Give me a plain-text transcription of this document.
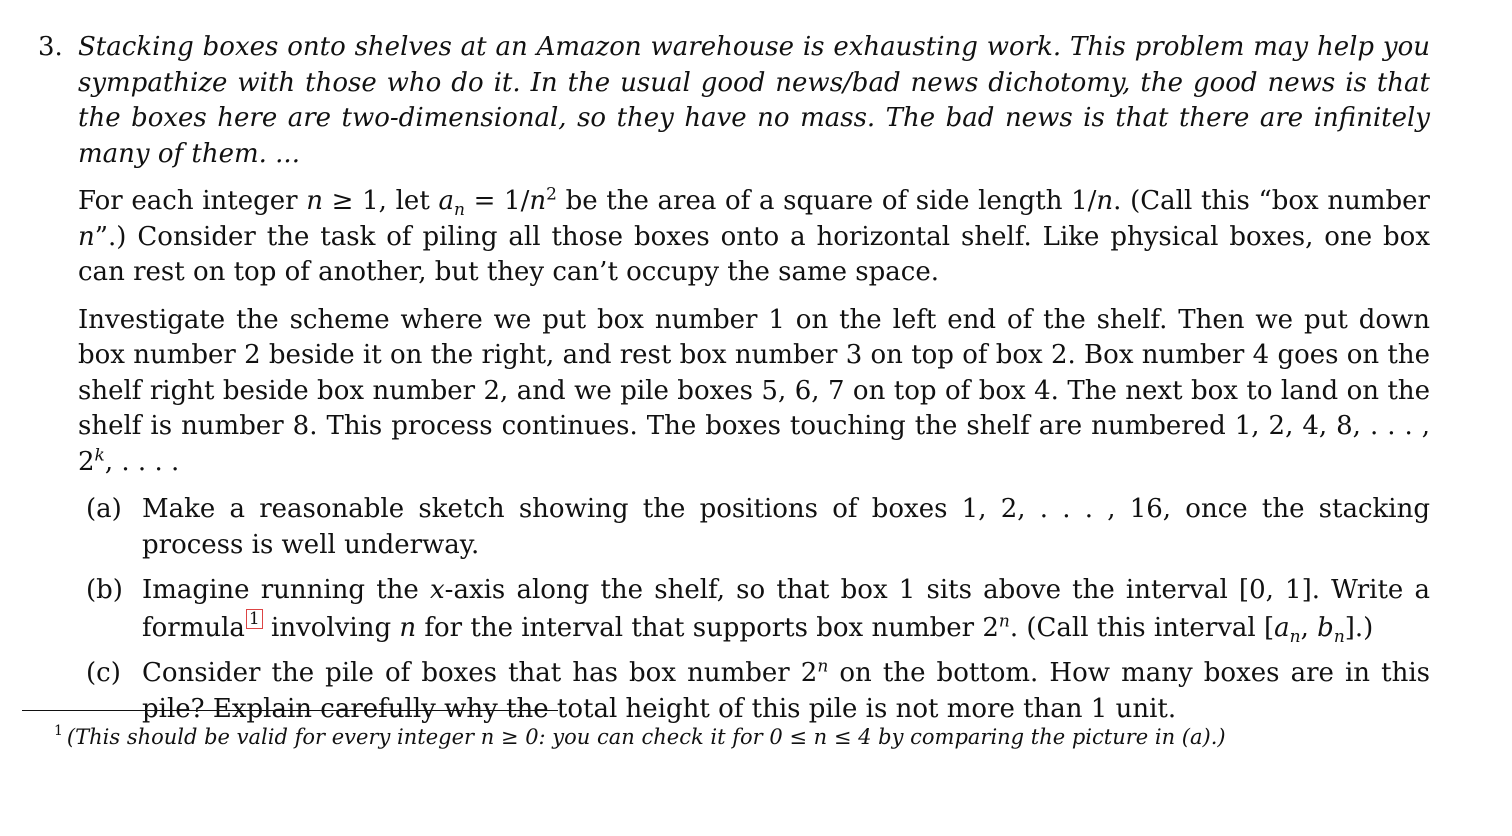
3. Stacking boxes onto shelves at an Amazon warehouse is exhausting work. This problem may help you sympathize with those who do it. In the usual good news/bad news dichotomy, the good news is that the boxes here are two-dimensional, so they have no mass. The bad news is that there are infinitely many of them. ...

For each integer n ≥ 1, let $a_n = 1/n^2$ be the area of a square of side length 1/n. (Call this “box number n”.) Consider the task of piling all those boxes onto a horizontal shelf. Like physical boxes, one box can rest on top of another, but they can’t occupy the same space.

Investigate the scheme where we put box number 1 on the left end of the shelf. Then we put down box number 2 beside it on the right, and rest box number 3 on top of box 2. Box number 4 goes on the shelf right beside box number 2, and we pile boxes 5, 6, 7 on top of box 4. The next box to land on the shelf is number 8. This process continues. The boxes touching the shelf are numbered 1, 2, 4, 8, . . . , 2$^k$, . . . .

(a) Make a reasonable sketch showing the positions of boxes 1, 2, . . . , 16, once the stacking process is well underway.
(b) Imagine running the x-axis along the shelf, so that box 1 sits above the interval [0, 1]. Write a formula 1 involving n for the interval that supports box number 2$^n$. (Call this interval [$a_n$, $b_n$].)
(c) Consider the pile of boxes that has box number 2$^n$ on the bottom. How many boxes are in this pile? Explain carefully why the total height of this pile is not more than 1 unit.
$^1$ (This should be valid for every integer n ≥ 0: you can check it for 0 ≤ n ≤ 4 by comparing the picture in (a).)
